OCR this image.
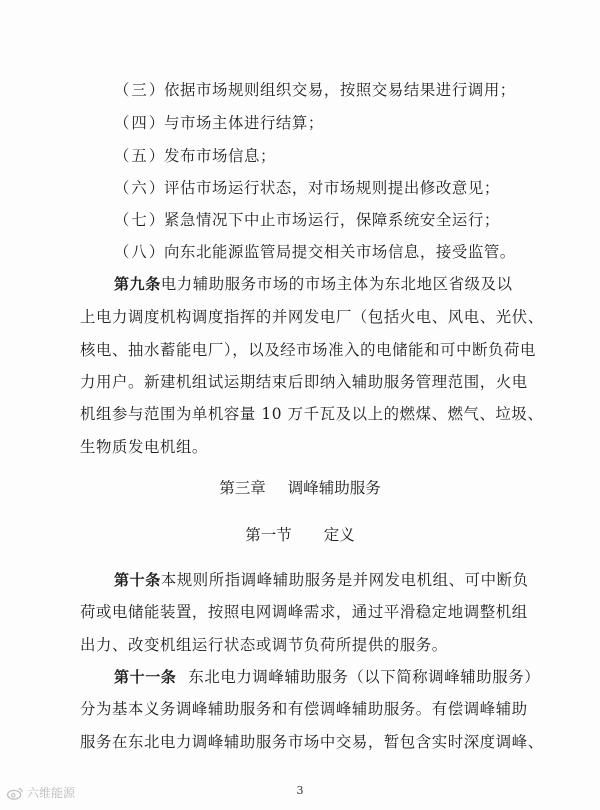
（三）依据市场规则组织交易，按照交易结果进行调用；
（四）与市场主体进行结算；
（五）发布市场信息；
（六）评估市场运行状态，对市场规则提出修改意见；
（七）紧急情况下中止市场运行，保障系统安全运行；
（八）向东北能源监管局提交相关市场信息，接受监管。
第九条电力辅助服务市场的市场主体为东北地区省级及以
上电力调度机构调度指挥的并网发电厂（包括火电、风电、光伏、
核电、抽水蓄能电厂），以及经市场准入的电储能和可中断负荷电
力用户。新建机组试运期结束后即纳入辅助服务管理范围，火电
机组参与范围为单机容量 10 万千瓦及以上的燃煤、燃气、垃圾、
生物质发电机组。
第三章 调峰辅助服务
第一节 定义
第十条本规则所指调峰辅助服务是并网发电机组、可中断负
荷或电储能装置，按照电网调峰需求，通过平滑稳定地调整机组
出力、改变机组运行状态或调节负荷所提供的服务。
第十一条 东北电力调峰辅助服务（以下简称调峰辅助服务）
分为基本义务调峰辅助服务和有偿调峰辅助服务。有偿调峰辅助
服务在东北电力调峰辅助服务市场中交易，暂包含实时深度调峰、
3
六维能源
